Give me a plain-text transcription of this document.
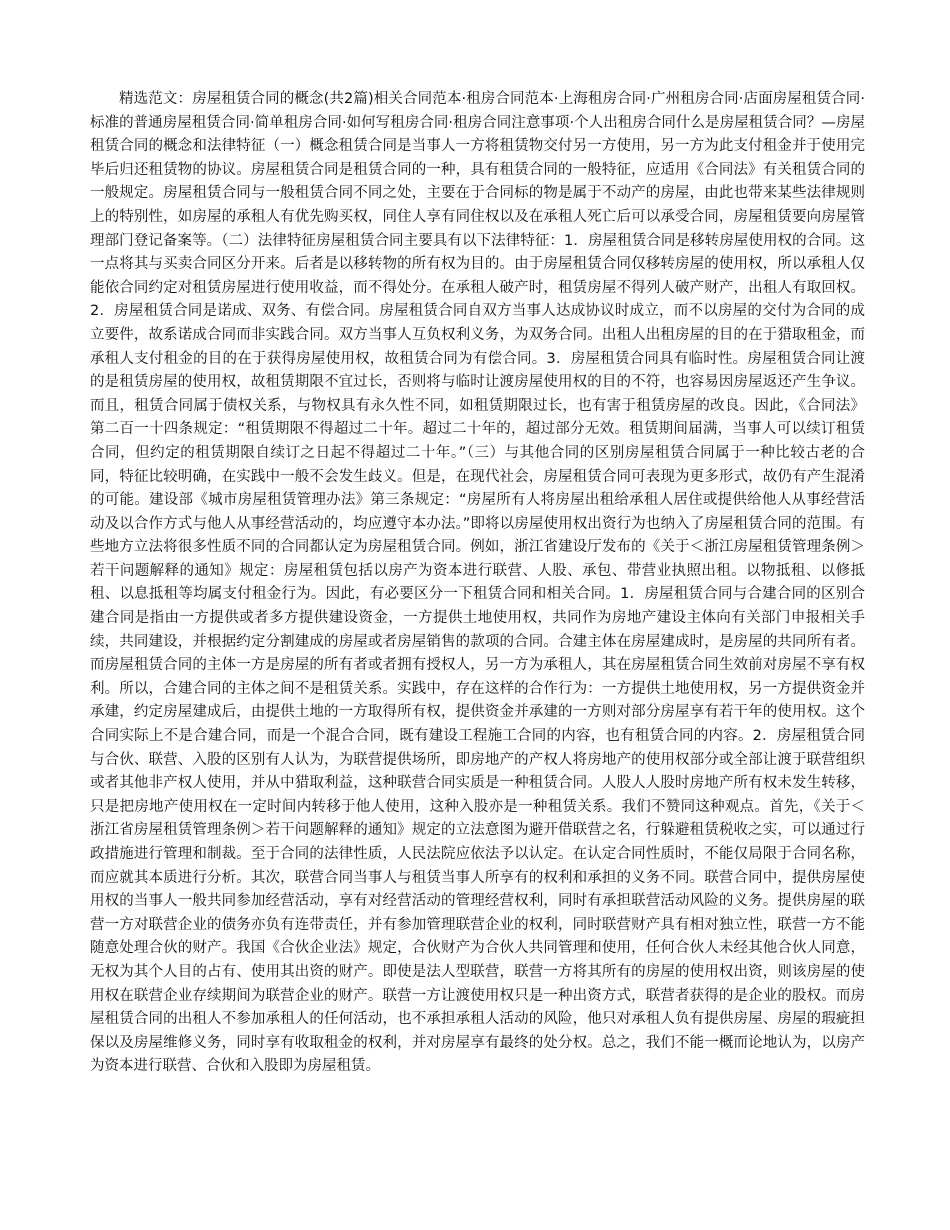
精选范文：房屋租赁合同的概念(共2篇)相关合同范本·租房合同范本·上海租房合同·广州租房合同·店面房屋租赁合同·标准的普通房屋租赁合同·简单租房合同·如何写租房合同·租房合同注意事项·个人出租房合同什么是房屋租赁合同？—房屋租赁合同的概念和法律特征（一）概念租赁合同是当事人一方将租赁物交付另一方使用，另一方为此支付租金并于使用完毕后归还租赁物的协议。房屋租赁合同是租赁合同的一种，具有租赁合同的一般特征，应适用《合同法》有关租赁合同的一般规定。房屋租赁合同与一般租赁合同不同之处，主要在于合同标的物是属于不动产的房屋，由此也带来某些法律规则上的特别性，如房屋的承租人有优先购买权，同住人享有同住权以及在承租人死亡后可以承受合同，房屋租赁要向房屋管理部门登记备案等。（二）法律特征房屋租赁合同主要具有以下法律特征：1．房屋租赁合同是移转房屋使用权的合同。这一点将其与买卖合同区分开来。后者是以移转物的所有权为目的。由于房屋租赁合同仅移转房屋的使用权，所以承租人仅能依合同约定对租赁房屋进行使用收益，而不得处分。在承租人破产时，租赁房屋不得列人破产财产，出租人有取回权。2．房屋租赁合同是诺成、双务、有偿合同。房屋租赁合同自双方当事人达成协议时成立，而不以房屋的交付为合同的成立要件，故系诺成合同而非实践合同。双方当事人互负权利义务，为双务合同。出租人出租房屋的目的在于猎取租金，而承租人支付租金的目的在于获得房屋使用权，故租赁合同为有偿合同。3．房屋租赁合同具有临时性。房屋租赁合同让渡的是租赁房屋的使用权，故租赁期限不宜过长，否则将与临时让渡房屋使用权的目的不符，也容易因房屋返还产生争议。而且，租赁合同属于债权关系，与物权具有永久性不同，如租赁期限过长，也有害于租赁房屋的改良。因此，《合同法》第二百一十四条规定：“租赁期限不得超过二十年。超过二十年的，超过部分无效。租赁期间届满，当事人可以续订租赁合同，但约定的租赁期限自续订之日起不得超过二十年。”（三）与其他合同的区别房屋租赁合同属于一种比较古老的合同，特征比较明确，在实践中一般不会发生歧义。但是，在现代社会，房屋租赁合同可表现为更多形式，故仍有产生混淆的可能。建设部《城市房屋租赁管理办法》第三条规定：“房屋所有人将房屋出租给承租人居住或提供给他人从事经营活动及以合作方式与他人从事经营活动的，均应遵守本办法。”即将以房屋使用权出资行为也纳入了房屋租赁合同的范围。有些地方立法将很多性质不同的合同都认定为房屋租赁合同。例如，浙江省建设厅发布的《关于＜浙江房屋租赁管理条例＞若干问题解释的通知》规定：房屋租赁包括以房产为资本进行联营、人股、承包、带营业执照出租。以物抵租、以修抵租、以息抵租等均属支付租金行为。因此，有必要区分一下租赁合同和相关合同。1．房屋租赁合同与合建合同的区别合建合同是指由一方提供或者多方提供建设资金，一方提供土地使用权，共同作为房地产建设主体向有关部门申报相关手续，共同建设，并根据约定分割建成的房屋或者房屋销售的款项的合同。合建主体在房屋建成时，是房屋的共同所有者。而房屋租赁合同的主体一方是房屋的所有者或者拥有授权人，另一方为承租人，其在房屋租赁合同生效前对房屋不享有权利。所以，合建合同的主体之间不是租赁关系。实践中，存在这样的合作行为：一方提供土地使用权，另一方提供资金并承建，约定房屋建成后，由提供土地的一方取得所有权，提供资金并承建的一方则对部分房屋享有若干年的使用权。这个合同实际上不是合建合同，而是一个混合合同，既有建设工程施工合同的内容，也有租赁合同的内容。2．房屋租赁合同与合伙、联营、入股的区别有人认为，为联营提供场所，即房地产的产权人将房地产的使用权部分或全部让渡于联营组织或者其他非产权人使用，并从中猎取利益，这种联营合同实质是一种租赁合同。人股人人股时房地产所有权未发生转移，只是把房地产使用权在一定时间内转移于他人使用，这种入股亦是一种租赁关系。我们不赞同这种观点。首先，《关于＜浙江省房屋租赁管理条例＞若干问题解释的通知》规定的立法意图为避开借联营之名，行躲避租赁税收之实，可以通过行政措施进行管理和制裁。至于合同的法律性质，人民法院应依法予以认定。在认定合同性质时，不能仅局限于合同名称，而应就其本质进行分析。其次，联营合同当事人与租赁当事人所享有的权利和承担的义务不同。联营合同中，提供房屋使用权的当事人一般共同参加经营活动，享有对经营活动的管理经营权利，同时有承担联营活动风险的义务。提供房屋的联营一方对联营企业的债务亦负有连带责任，并有参加管理联营企业的权利，同时联营财产具有相对独立性，联营一方不能随意处理合伙的财产。我国《合伙企业法》规定，合伙财产为合伙人共同管理和使用，任何合伙人未经其他合伙人同意，无权为其个人目的占有、使用其出资的财产。即使是法人型联营，联营一方将其所有的房屋的使用权出资，则该房屋的使用权在联营企业存续期间为联营企业的财产。联营一方让渡使用权只是一种出资方式，联营者获得的是企业的股权。而房屋租赁合同的出租人不参加承租人的任何活动，也不承担承租人活动的风险，他只对承租人负有提供房屋、房屋的瑕疵担保以及房屋维修义务，同时享有收取租金的权利，并对房屋享有最终的处分权。总之，我们不能一概而论地认为，以房产为资本进行联营、合伙和入股即为房屋租赁。
